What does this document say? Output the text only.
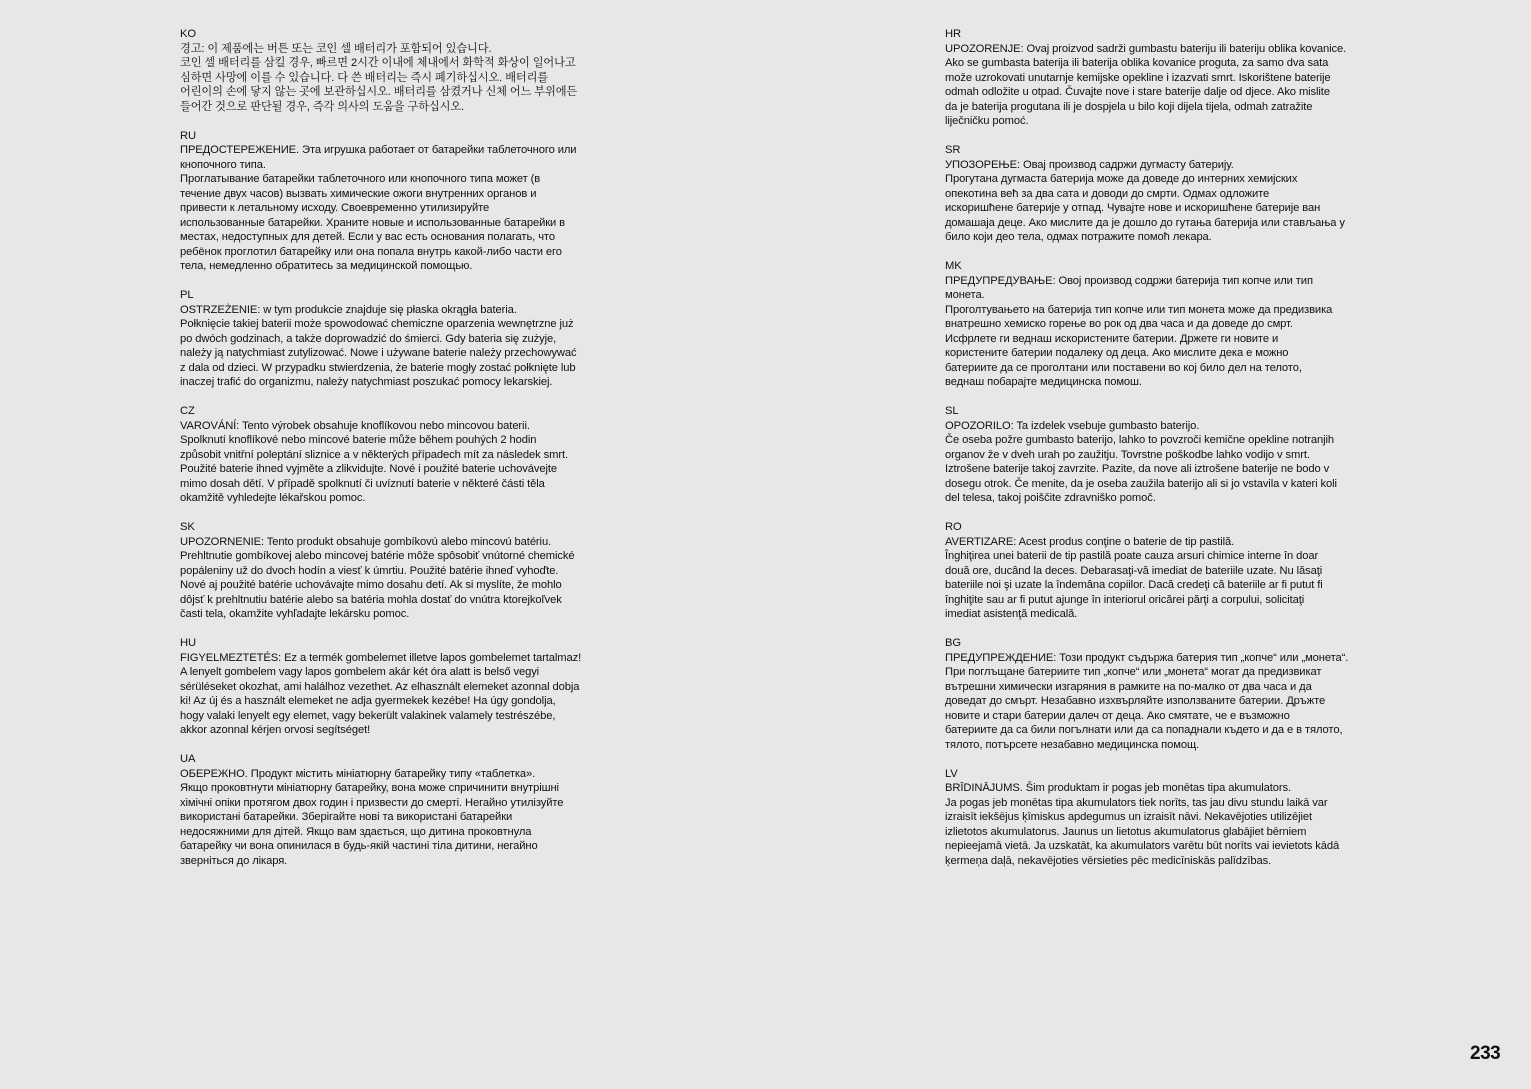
KO
경고: 이 제품에는 버튼 또는 코인 셀 배터리가 포함되어 있습니다.
코인 셀 배터리를 삼킬 경우, 빠르면 2시간 이내에 체내에서 화학적 화상이 일어나고
심하면 사망에 이를 수 있습니다. 다 쓴 배터리는 즉시 폐기하십시오. 배터리를
어린이의 손에 닿지 않는 곳에 보관하십시오. 배터리를 삼켰거나 신체 어느 부위에든
들어간 것으로 판단될 경우, 즉각 의사의 도움을 구하십시오.
RU
ПРЕДОСТЕРЕЖЕНИЕ. Эта игрушка работает от батарейки таблеточного или
кнопочного типа.
Проглатывание батарейки таблеточного или кнопочного типа может (в
течение двух часов) вызвать химические ожоги внутренних органов и
привести к летальному исходу. Своевременно утилизируйте
использованные батарейки. Храните новые и использованные батарейки в
местах, недоступных для детей. Если у вас есть основания полагать, что
ребёнок проглотил батарейку или она попала внутрь какой-либо части его
тела, немедленно обратитесь за медицинской помощью.
PL
OSTRZEŻENIE: w tym produkcie znajduje się płaska okrągła bateria.
Połknięcie takiej baterii może spowodować chemiczne oparzenia wewnętrzne już
po dwóch godzinach, a także doprowadzić do śmierci. Gdy bateria się zużyje,
należy ją natychmiast zutylizować. Nowe i używane baterie należy przechowywać
z dala od dzieci. W przypadku stwierdzenia, że baterie mogły zostać połknięte lub
inaczej trafić do organizmu, należy natychmiast poszukać pomocy lekarskiej.
CZ
VAROVÁNÍ: Tento výrobek obsahuje knoflíkovou nebo mincovou baterii.
Spolknutí knoflíkové nebo mincové baterie může během pouhých 2 hodin
způsobit vnitřní poleptání sliznice a v některých případech mít za následek smrt.
Použité baterie ihned vyjměte a zlikvidujte. Nové i použité baterie uchovávejte
mimo dosah dětí. V případě spolknutí či uvíznutí baterie v některé části těla
okamžitě vyhledejte lékařskou pomoc.
SK
UPOZORNENIE: Tento produkt obsahuje gombíkovú alebo mincovú batériu.
Prehltnutie gombíkovej alebo mincovej batérie môže spôsobiť vnútorné chemické
popáleniny už do dvoch hodín a viesť k úmrtiu. Použité batérie ihneď vyhoďte.
Nové aj použité batérie uchovávajte mimo dosahu detí. Ak si myslíte, že mohlo
dôjsť k prehltnutiu batérie alebo sa batéria mohla dostať do vnútra ktorejkoľvek
časti tela, okamžite vyhľadajte lekársku pomoc.
HU
FIGYELMEZTETÉS: Ez a termék gombelemet illetve lapos gombelemet tartalmaz!
A lenyelt gombelem vagy lapos gombelem akár két óra alatt is belső vegyi
sérüléseket okozhat, ami halálhoz vezethet. Az elhasznált elemeket azonnal dobja
ki! Az új és a használt elemeket ne adja gyermekek kezébe! Ha úgy gondolja,
hogy valaki lenyelt egy elemet, vagy bekerült valakinek valamely testrészébe,
akkor azonnal kérjen orvosi segítséget!
UA
ОБЕРЕЖНО. Продукт містить мініатюрну батарейку типу «таблетка».
Якщо проковтнути мініатюрну батарейку, вона може спричинити внутрішні
хімічні опіки протягом двох годин і призвести до смерті. Негайно утилізуйте
використані батарейки. Зберігайте нові та використані батарейки
недосяжними для дітей. Якщо вам здається, що дитина проковтнула
батарейку чи вона опинилася в будь-якій частині тіла дитини, негайно
зверніться до лікаря.
HR
UPOZORENJE: Ovaj proizvod sadrži gumbastu bateriju ili bateriju oblika kovanice.
Ako se gumbasta baterija ili baterija oblika kovanice proguta, za samo dva sata
može uzrokovati unutarnje kemijske opekline i izazvati smrt. Iskorištene baterije
odmah odložite u otpad. Čuvajte nove i stare baterije dalje od djece. Ako mislite
da je baterija progutana ili je dospjela u bilo koji dijela tijela, odmah zatražite
liječničku pomoć.
SR
УПОЗОРЕЊЕ: Овај производ садржи дугмасту батерију.
Прогутана дугмаста батерија може да доведе до интерних хемијских
опекотина већ за два сата и доводи до смрти. Одмах одложите
искоришћене батерије у отпад. Чувајте нове и искоришћене батерије ван
домашаја деце. Ако мислите да је дошло до гутања батерија или стављања у
било који део тела, одмах потражите помоћ лекара.
MK
ПРЕДУПРЕДУВАЊЕ: Овој производ содржи батерија тип копче или тип
монета.
Проголтувањето на батерија тип копче или тип монета може да предизвика
внатрешно хемиско горење во рок од два часа и да доведе до смрт.
Исфрлете ги веднаш искористените батерии. Држете ги новите и
користените батерии подалеку од деца. Ако мислите дека е можно
батериите да се проголтани или поставени во кој било дел на телото,
веднаш побарајте медицинска помош.
SL
OPOZORILO: Ta izdelek vsebuje gumbasto baterijo.
Če oseba požre gumbasto baterijo, lahko to povzroči kemične opekline notranjih
organov že v dveh urah po zaužitju. Tovrstne poškodbe lahko vodijo v smrt.
Iztrošene baterije takoj zavrzite. Pazite, da nove ali iztrošene baterije ne bodo v
dosegu otrok. Če menite, da je oseba zaužila baterijo ali si jo vstavila v kateri koli
del telesa, takoj poiščite zdravniško pomoč.
RO
AVERTIZARE: Acest produs conţine o baterie de tip pastilă.
Înghiţirea unei baterii de tip pastilă poate cauza arsuri chimice interne în doar
două ore, ducând la deces. Debarasaţi-vă imediat de bateriile uzate. Nu lăsaţi
bateriile noi şi uzate la îndemâna copiilor. Dacă credeţi că bateriile ar fi putut fi
înghiţite sau ar fi putut ajunge în interiorul oricărei părţi a corpului, solicitaţi
imediat asistenţă medicală.
BG
ПРЕДУПРЕЖДЕНИЕ: Този продукт съдържа батерия тип „копче“ или „монета“.
При поглъщане батериите тип „копче“ или „монета“ могат да предизвикат
вътрешни химически изгаряния в рамките на по-малко от два часа и да
доведат до смърт. Незабавно изхвърляйте използваните батерии. Дръжте
новите и стари батерии далеч от деца. Ако смятате, че е възможно
батериите да са били погълнати или да са попаднали където и да е в тялото,
тялото, потърсете незабавно медицинска помощ.
LV
BRĪDINĀJUMS. Šim produktam ir pogas jeb monētas tipa akumulators.
Ja pogas jeb monētas tipa akumulators tiek norīts, tas jau divu stundu laikā var
izraisīt iekšējus ķīmiskus apdegumus un izraisīt nāvi. Nekavējoties utilizējiet
izlietotos akumulatorus. Jaunus un lietotus akumulatorus glabājiet bērniem
nepieejamā vietā. Ja uzskatāt, ka akumulators varētu būt norīts vai ievietots kādā
ķermeņa daļā, nekavējoties vērsieties pēc medicīniskās palīdzības.
233
